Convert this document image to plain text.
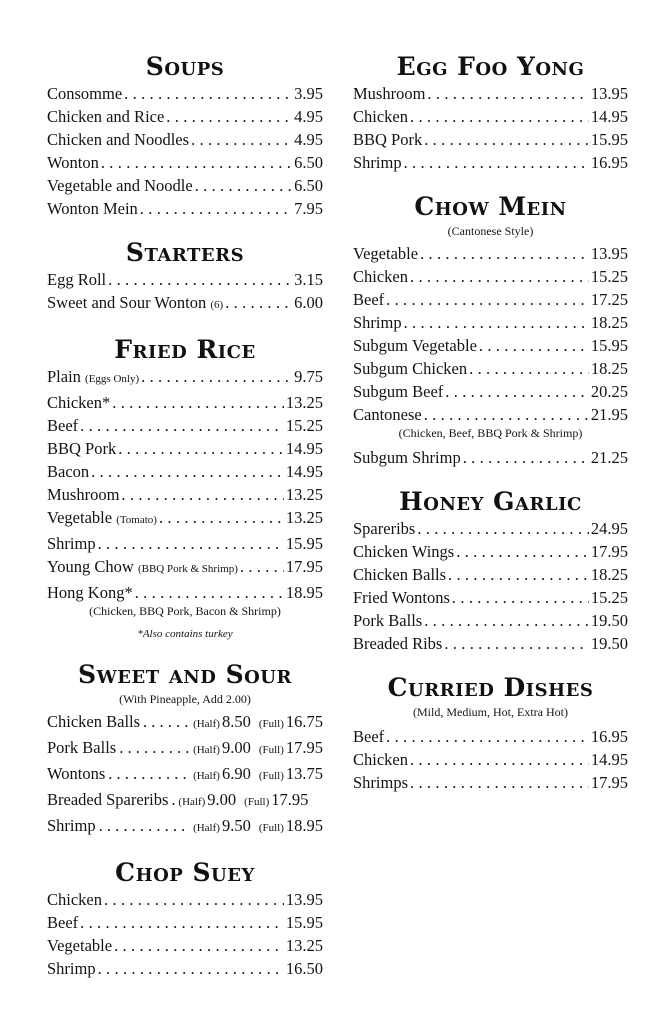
Soups
Consomme . . .	3.95
Chicken and Rice . . .	4.95
Chicken and Noodles . . .	4.95
Wonton . . .	6.50
Vegetable and Noodle . . .	6.50
Wonton Mein . . .	7.95
Starters
Egg Roll . . .	3.15
Sweet and Sour Wonton (6) . . .	6.00
Fried Rice
Plain (Eggs Only) . . .	9.75
Chicken* . . .	13.25
Beef . . .	15.25
BBQ Pork . . .	14.95
Bacon . . .	14.95
Mushroom . . .	13.25
Vegetable (Tomato) . . .	13.25
Shrimp . . .	15.95
Young Chow (BBQ Pork & Shrimp) . . .	17.95
Hong Kong* . . .	18.95
(Chicken, BBQ Pork, Bacon & Shrimp)
*Also contains turkey
Sweet and Sour
(With Pineapple, Add 2.00)
Chicken Balls . . .	(Half) 8.50 (Full) 16.75
Pork Balls . . .	(Half) 9.00 (Full) 17.95
Wontons . . .	(Half) 6.90 (Full) 13.75
Breaded Spareribs . . . (Half) 9.00 (Full) 17.95
Shrimp . . .	(Half) 9.50 (Full) 18.95
Chop Suey
Chicken . . .	13.95
Beef . . .	15.95
Vegetable . . .	13.25
Shrimp . . .	16.50
Egg Foo Yong
Mushroom . . .	13.95
Chicken . . .	14.95
BBQ Pork . . .	15.95
Shrimp . . .	16.95
Chow Mein
(Cantonese Style)
Vegetable . . .	13.95
Chicken . . .	15.25
Beef . . .	17.25
Shrimp . . .	18.25
Subgum Vegetable . . .	15.95
Subgum Chicken . . .	18.25
Subgum Beef . . .	20.25
Cantonese . . .	21.95
(Chicken, Beef, BBQ Pork & Shrimp)
Subgum Shrimp . . .	21.25
Honey Garlic
Spareribs . . .	24.95
Chicken Wings . . .	17.95
Chicken Balls . . .	18.25
Fried Wontons . . .	15.25
Pork Balls . . .	19.50
Breaded Ribs . . .	19.50
Curried Dishes
(Mild, Medium, Hot, Extra Hot)
Beef . . .	16.95
Chicken . . .	14.95
Shrimps . . .	17.95
